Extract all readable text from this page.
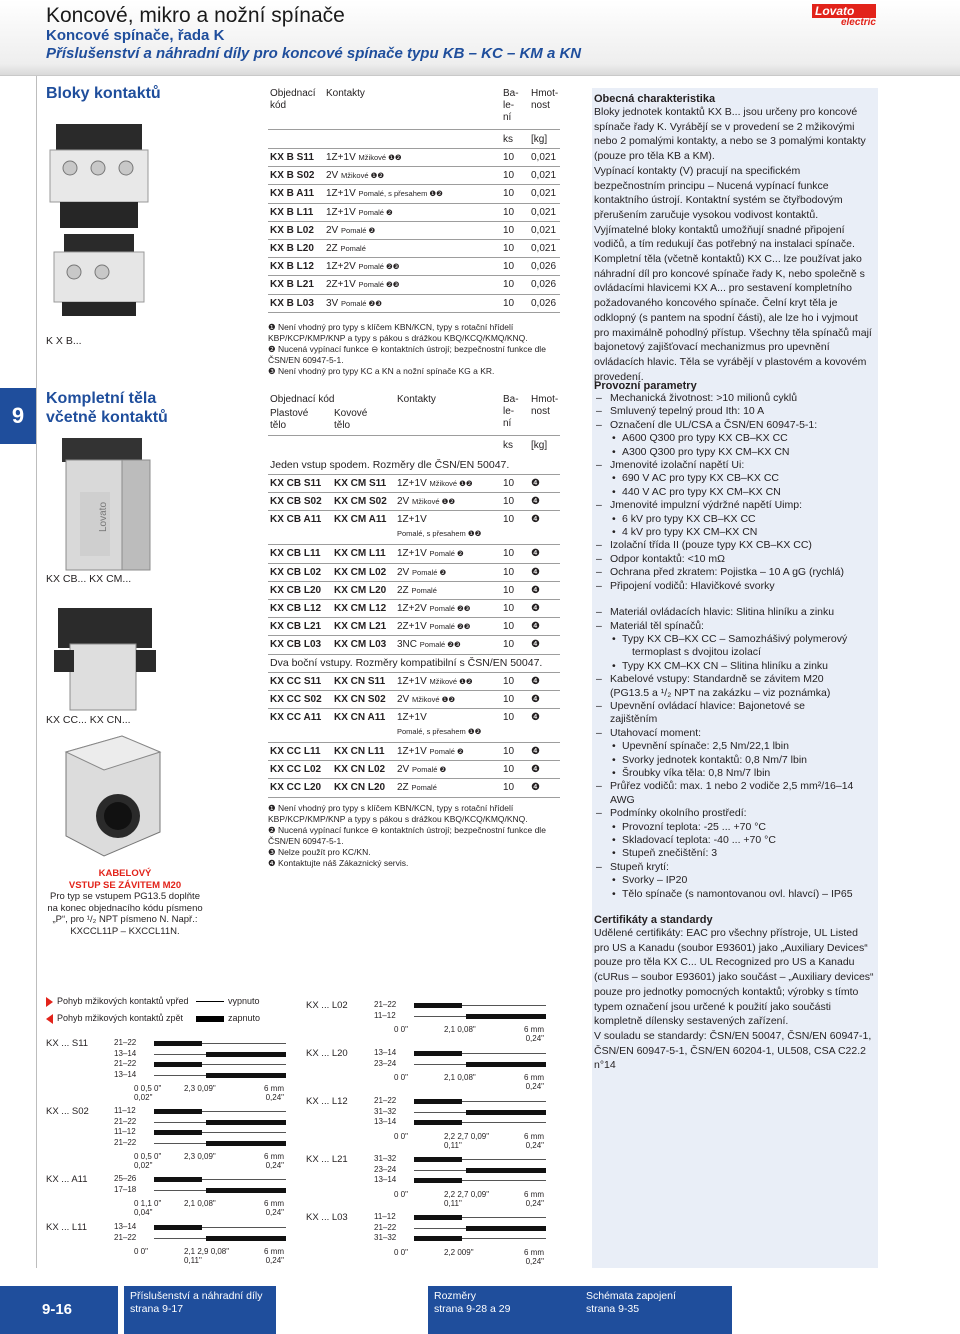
Koncové, mikro a nožní spínače
Koncové spínače, řada K
Příslušenství a náhradní díly pro koncové spínače typu KB – KC – KM a KN
Lovato
electric
9
Bloky kontaktů
K X B...
Kompletní těla
včetně kontaktů
Lovato
KX CB... KX CM...
KX CC... KX CN...
KABELOVÝ
VSTUP SE ZÁVITEM M20
Pro typ se vstupem PG13.5 doplňte na konec objednacího kódu písmeno „P“, pro ¹/₂ NPT písmeno N. Např.: KXCCL11P – KXCCL11N.
Objednací
kód
Kontakty	Ba-
le-
ní
Hmot-
nost
ks [kg]
KX B S11 1Z+1V Mžikové ❶❷	10 0,021
KX B S02 2V Mžikové ❶❷	10 0,021
KX B A11 1Z+1V Pomalé, s přesahem ❶❷	10 0,021
KX B L11 1Z+1V Pomalé ❷	10 0,021
KX B L02 2V Pomalé ❷	10 0,021
KX B L20 2Z Pomalé	10 0,021
KX B L12 1Z+2V Pomalé ❷❸	10 0,026
KX B L21 2Z+1V Pomalé ❷❸	10 0,026
KX B L03 3V Pomalé ❷❸	10 0,026
❶ Není vhodný pro typy s klíčem KBN/KCN, typy s rotační hřídelí KBP/KCP/KMP/KNP a typy s pákou s drážkou KBQ/KCQ/KMQ/KNQ.
❷ Nucená vypínací funkce ⊖ kontaktních ústrojí; bezpečnostní funkce dle ČSN/EN 60947-5-1.
❸ Není vhodný pro typy KC a KN a nožní spínače KG a KR.
Objednací kód
Plastové
tělo
Kovové
tělo
Kontakty	Ba-
le-
ní
Hmot-
nost
ks [kg]
Jeden vstup spodem. Rozměry dle ČSN/EN 50047.
KX CB S11 KX CM S11 1Z+1V Mžikové ❶❷	10 ❹
KX CB S02 KX CM S02 2V Mžikové ❶❷	10 ❹
KX CB A11 KX CM A11 1Z+1V
Pomalé, s přesahem ❶❷
10 ❹
KX CB L11 KX CM L11 1Z+1V Pomalé ❷	10 ❹
KX CB L02 KX CM L02 2V Pomalé ❷	10 ❹
KX CB L20 KX CM L20 2Z Pomalé	10 ❹
KX CB L12 KX CM L12 1Z+2V Pomalé ❷❸	10 ❹
KX CB L21 KX CM L21 2Z+1V Pomalé ❷❸	10 ❹
KX CB L03 KX CM L03 3NC Pomalé ❷❸	10 ❹
Dva boční vstupy. Rozměry kompatibilní s ČSN/EN 50047.
KX CC S11 KX CN S11 1Z+1V Mžikové ❶❷	10 ❹
KX CC S02 KX CN S02 2V Mžikové ❶❷	10 ❹
KX CC A11 KX CN A11 1Z+1V
Pomalé, s přesahem ❶❷
10 ❹
KX CC L11 KX CN L11 1Z+1V Pomalé ❷	10 ❹
KX CC L02 KX CN L02 2V Pomalé ❷	10 ❹
KX CC L20 KX CN L20 2Z Pomalé	10 ❹
❶ Není vhodný pro typy s klíčem KBN/KCN, typy s rotační hřídelí KBP/KCP/KMP/KNP a typy s pákou s drážkou KBQ/KCQ/KMQ/KNQ.
❷ Nucená vypínací funkce ⊖ kontaktních ústrojí; bezpečnostní funkce dle ČSN/EN 60947-5-1.
❸ Nelze použít pro KC/KN.
❹ Kontaktujte náš Zákaznický servis.
Obecná charakteristika
Bloky jednotek kontaktů KX B... jsou určeny pro koncové spínače řady K. Vyrábějí se v provedení se 2 mžikovými nebo 2 pomalými kontakty, a nebo se 3 pomalými kontakty (pouze pro těla KB a KM).
Vypínací kontakty (V) pracují na specifickém bezpečnostním principu – Nucená vypínací funkce kontaktního ústrojí. Kontaktní systém se čtyřbodovým přerušením zaručuje vysokou vodivost kontaktů. Vyjímatelné bloky kontaktů umožňují snadné připojení vodičů, a tím redukují čas potřebný na instalaci spínače.
Kompletní těla (včetně kontaktů) KX C... lze používat jako náhradní díl pro koncové spínače řady K, nebo společně s ovládacími hlavicemi KX A... pro sestavení kompletního požadovaného koncového spínače. Čelní kryt těla je odklopný (s pantem na spodní části), ale lze ho i vyjmout pro maximálně pohodlný přístup. Všechny těla spínačů mají bajonetový zajišťovací mechanizmus pro upevnění ovládacích hlavic. Těla se vyrábějí v plastovém a kovovém provedení.
Provozní parametry
– Mechanická životnost: >10 milionů cyklů
– Smluvený tepelný proud Ith: 10 A
– Označení dle UL/CSA a ČSN/EN 60947-5-1:
• A600 Q300 pro typy KX CB–KX CC
• A300 Q300 pro typy KX CM–KX CN
– Jmenovité izolační napětí Ui:
• 690 V AC pro typy KX CB–KX CC
• 440 V AC pro typy KX CM–KX CN
– Jmenovité impulzní výdržné napětí Uimp:
• 6 kV pro typy KX CB–KX CC
• 4 kV pro typy KX CM–KX CN
– Izolační třída II (pouze typy KX CB–KX CC)
– Odpor kontaktů: <10 mΩ
– Ochrana před zkratem: Pojistka – 10 A gG (rychlá)
– Připojení vodičů: Hlavičkové svorky
– Materiál ovládacích hlavic: Slitina hliníku a zinku
– Materiál těl spínačů:
• Typy KX CB–KX CC – Samozhášivý polymerový
termoplast s dvojitou izolací
• Typy KX CM–KX CN – Slitina hliníku a zinku
– Kabelové vstupy: Standardně se závitem M20
(PG13.5 a ¹/₂ NPT na zakázku – viz poznámka)
– Upevnění ovládací hlavice: Bajonetové se
zajištěním
– Utahovací moment:
• Upevnění spínače: 2,5 Nm/22,1 lbin
• Svorky jednotek kontaktů: 0,8 Nm/7 lbin
• Šroubky víka těla: 0,8 Nm/7 lbin
– Průřez vodičů: max. 1 nebo 2 vodiče 2,5 mm²/16–14 AWG
– Podmínky okolního prostředí:
• Provozní teplota: -25 ... +70 °C
• Skladovací teplota: -40 ... +70 °C
• Stupeň znečištění: 3
– Stupeň krytí:
• Svorky – IP20
• Tělo spínače (s namontovanou ovl. hlavcí) – IP65
Certifikáty a standardy
Udělené certifikáty: EAC pro všechny přístroje, UL Listed pro US a Kanadu (soubor E93601) jako „Auxiliary Devices“ pouze pro těla KX C... UL Recognized pro US a Kanadu (cURus – soubor E93601) jako součást – „Auxiliary devices“ pouze pro jednotky pomocných kontaktů; výrobky s tímto typem označení jsou určené k použití jako součásti kompletně dílensky sestavených zařízení.
V souladu se standardy: ČSN/EN 50047, ČSN/EN 60947-1, ČSN/EN 60947-5-1, ČSN/EN 60204-1, UL508, CSA C22.2 n°14
Pohyb mžikových kontaktů vpřed
Pohyb mžikových kontaktů zpět
vypnuto
zapnuto
KX ... S11	21–22
13–14
21–22
13–14
0 0,5 0" 0,02"
2,3 0,09"	6 mm 0,24"
KX ... S02	11–12
21–22
11–12
21–22
0 0,5 0" 0,02"
2,3 0,09"	6 mm 0,24"
KX ... A11	25–26
17–18
0 1,1 0" 0,04"
2,1 0,08"	6 mm 0,24"
KX ... L11	13–14
21–22
0 0"	2,1 2,9 0,08" 0,11"
6 mm 0,24"
KX ... L02	21–22
11–12
0 0"	2,1 0,08"	6 mm 0,24"
KX ... L20	13–14
23–24
0 0"	2,1 0,08"	6 mm 0,24"
KX ... L12	21–22
31–32
13–14
0 0"	2,2 2,7 0,09" 0,11"
6 mm 0,24"
KX ... L21	31–32
23–24
13–14
0 0"	2,2 2,7 0,09" 0,11"
6 mm 0,24"
KX ... L03	11–12
21–22
31–32
0 0"	2,2 009"	6 mm 0,24"
9-16
Příslušenství a náhradní díly
strana 9-17
Rozměry
strana 9-28 a 29
Schémata zapojení
strana 9-35
